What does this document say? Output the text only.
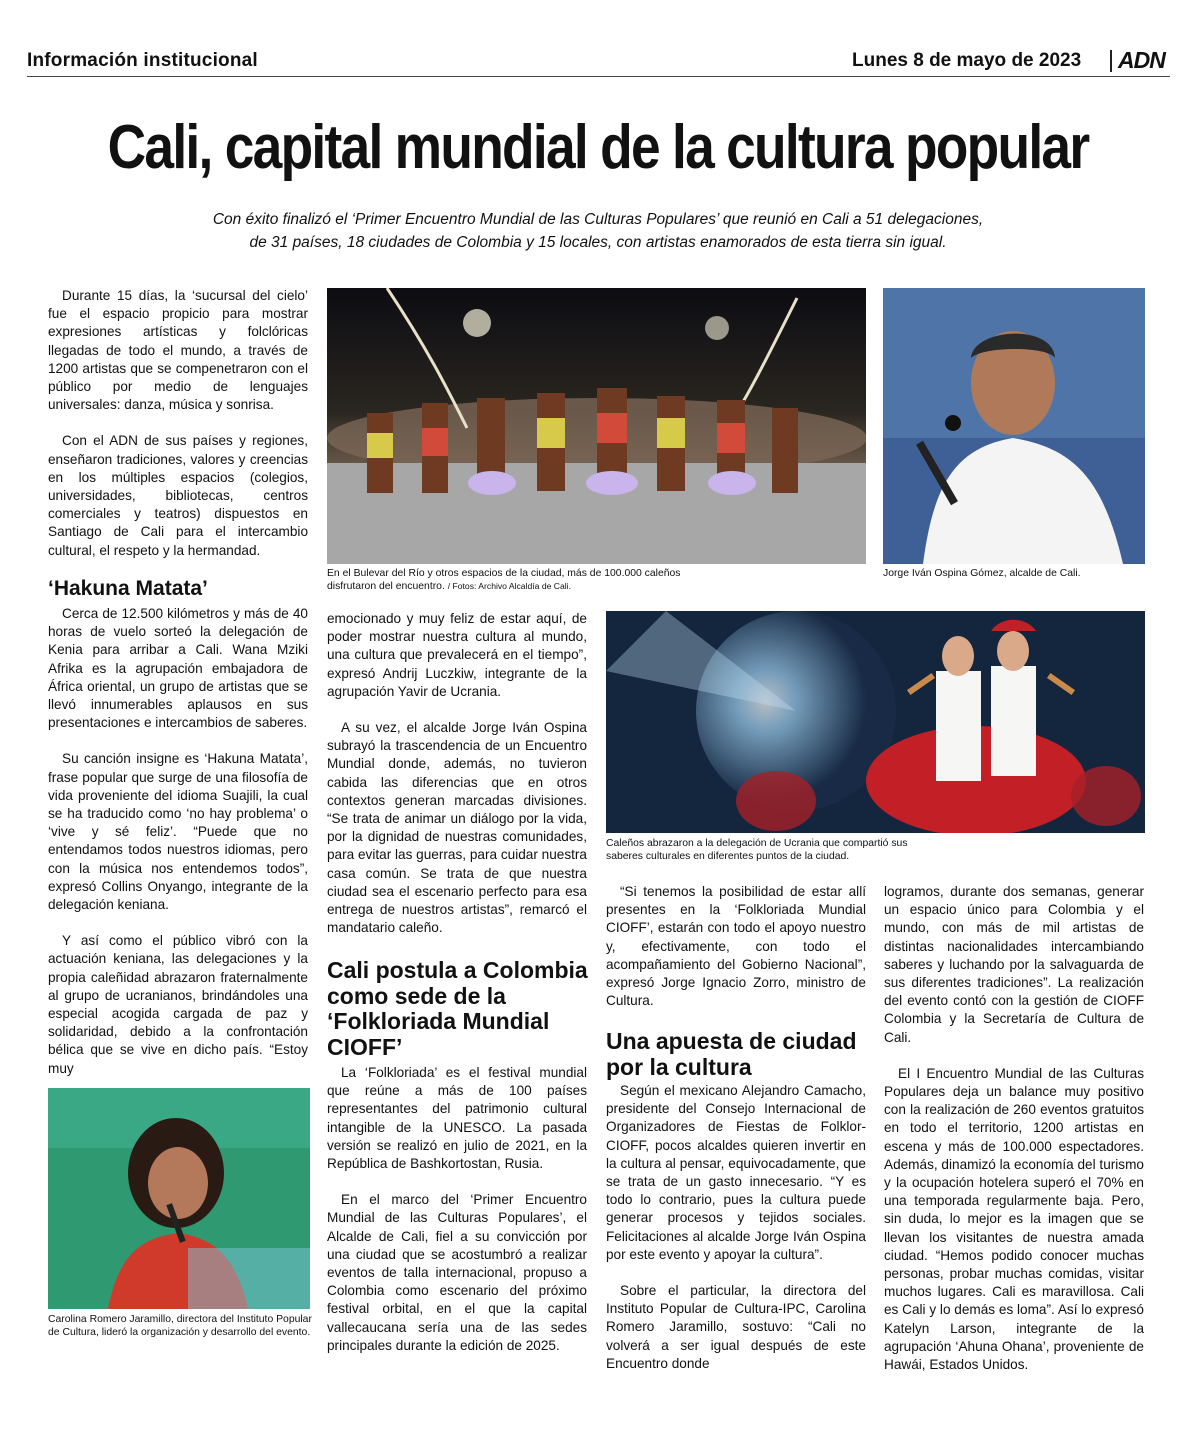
Información institucional	Lunes 8 de mayo de 2023 ADN
Cali, capital mundial de la cultura popular
Con éxito finalizó el ‘Primer Encuentro Mundial de las Culturas Populares’ que reunió en Cali a 51 delegaciones,
de 31 países, 18 ciudades de Colombia y 15 locales, con artistas enamorados de esta tierra sin igual.
En el Bulevar del Río y otros espacios de la ciudad, más de 100.000 caleños disfrutaron del encuentro. / Fotos: Archivo Alcaldía de Cali.
Jorge Iván Ospina Gómez, alcalde de Cali.
Caleños abrazaron a la delegación de Ucrania que compartió sus saberes culturales en diferentes puntos de la ciudad.
Carolina Romero Jaramillo, directora del Instituto Popular de Cultura, lideró la organización y desarrollo del evento.

Durante 15 días, la ‘sucursal del cielo’ fue el espacio propicio para mostrar expresiones artísticas y folclóricas llegadas de todo el mundo, a través de 1200 artistas que se compenetraron con el público por medio de lenguajes universales: danza, música y sonrisa.

Con el ADN de sus países y regiones, enseñaron tradiciones, valores y creencias en los múltiples espacios (colegios, universidades, bibliotecas, centros comerciales y teatros) dispuestos en Santiago de Cali para el intercambio cultural, el respeto y la hermandad.

‘Hakuna Matata’

Cerca de 12.500 kilómetros y más de 40 horas de vuelo sorteó la delegación de Kenia para arribar a Cali. Wana Mziki Afrika es la agrupación embajadora de África oriental, un grupo de artistas que se llevó innumerables aplausos en sus presentaciones e intercambios de saberes.

Su canción insigne es ‘Hakuna Matata’, frase popular que surge de una filosofía de vida proveniente del idioma Suajili, la cual se ha traducido como ‘no hay problema’ o ‘vive y sé feliz’. “Puede que no entendamos todos nuestros idiomas, pero con la música nos entendemos todos”, expresó Collins Onyango, integrante de la delegación keniana.

Y así como el público vibró con la actuación keniana, las delegaciones y la propia caleñidad abrazaron fraternalmente al grupo de ucranianos, brindándoles una especial acogida cargada de paz y solidaridad, debido a la confrontación bélica que se vive en dicho país. “Estoy muy

emocionado y muy feliz de estar aquí, de poder mostrar nuestra cultura al mundo, una cultura que prevalecerá en el tiempo”, expresó Andrij Luczkiw, integrante de la agrupación Yavir de Ucrania.

A su vez, el alcalde Jorge Iván Ospina subrayó la trascendencia de un Encuentro Mundial donde, además, no tuvieron cabida las diferencias que en otros contextos generan marcadas divisiones. “Se trata de animar un diálogo por la vida, por la dignidad de nuestras comunidades, para evitar las guerras, para cuidar nuestra casa común. Se trata de que nuestra ciudad sea el escenario perfecto para esa entrega de nuestros artistas”, remarcó el mandatario caleño.

Cali postula a Colombia como sede de la ‘Folkloriada Mundial CIOFF’

La ‘Folkloriada’ es el festival mundial que reúne a más de 100 países representantes del patrimonio cultural intangible de la UNESCO. La pasada versión se realizó en julio de 2021, en la República de Bashkortostan, Rusia.

En el marco del ‘Primer Encuentro Mundial de las Culturas Populares’, el Alcalde de Cali, fiel a su convicción por una ciudad que se acostumbró a realizar eventos de talla internacional, propuso a Colombia como escenario del próximo festival orbital, en el que la capital vallecaucana sería una de las sedes principales durante la edición de 2025.

“Si tenemos la posibilidad de estar allí presentes en la ‘Folkloriada Mundial CIOFF’, estarán con todo el apoyo nuestro y, efectivamente, con todo el acompañamiento del Gobierno Nacional”, expresó Jorge Ignacio Zorro, ministro de Cultura.

Una apuesta de ciudad por la cultura

Según el mexicano Alejandro Camacho, presidente del Consejo Internacional de Organizadores de Fiestas de Folklor-CIOFF, pocos alcaldes quieren invertir en la cultura al pensar, equivocadamente, que se trata de un gasto innecesario. “Y es todo lo contrario, pues la cultura puede generar procesos y tejidos sociales. Felicitaciones al alcalde Jorge Iván Ospina por este evento y apoyar la cultura”.

Sobre el particular, la directora del Instituto Popular de Cultura-IPC, Carolina Romero Jaramillo, sostuvo: “Cali no volverá a ser igual después de este Encuentro donde

logramos, durante dos semanas, generar un espacio único para Colombia y el mundo, con más de mil artistas de distintas nacionalidades intercambiando saberes y luchando por la salvaguarda de sus diferentes tradiciones”. La realización del evento contó con la gestión de CIOFF Colombia y la Secretaría de Cultura de Cali.

El I Encuentro Mundial de las Culturas Populares deja un balance muy positivo con la realización de 260 eventos gratuitos en todo el territorio, 1200 artistas en escena y más de 100.000 espectadores. Además, dinamizó la economía del turismo y la ocupación hotelera superó el 70% en una temporada regularmente baja. Pero, sin duda, lo mejor es la imagen que se llevan los visitantes de nuestra amada ciudad. “Hemos podido conocer muchas personas, probar muchas comidas, visitar muchos lugares. Cali es maravillosa. Cali es Cali y lo demás es loma”. Así lo expresó Katelyn Larson, integrante de la agrupación ‘Ahuna Ohana’, proveniente de Hawái, Estados Unidos.
